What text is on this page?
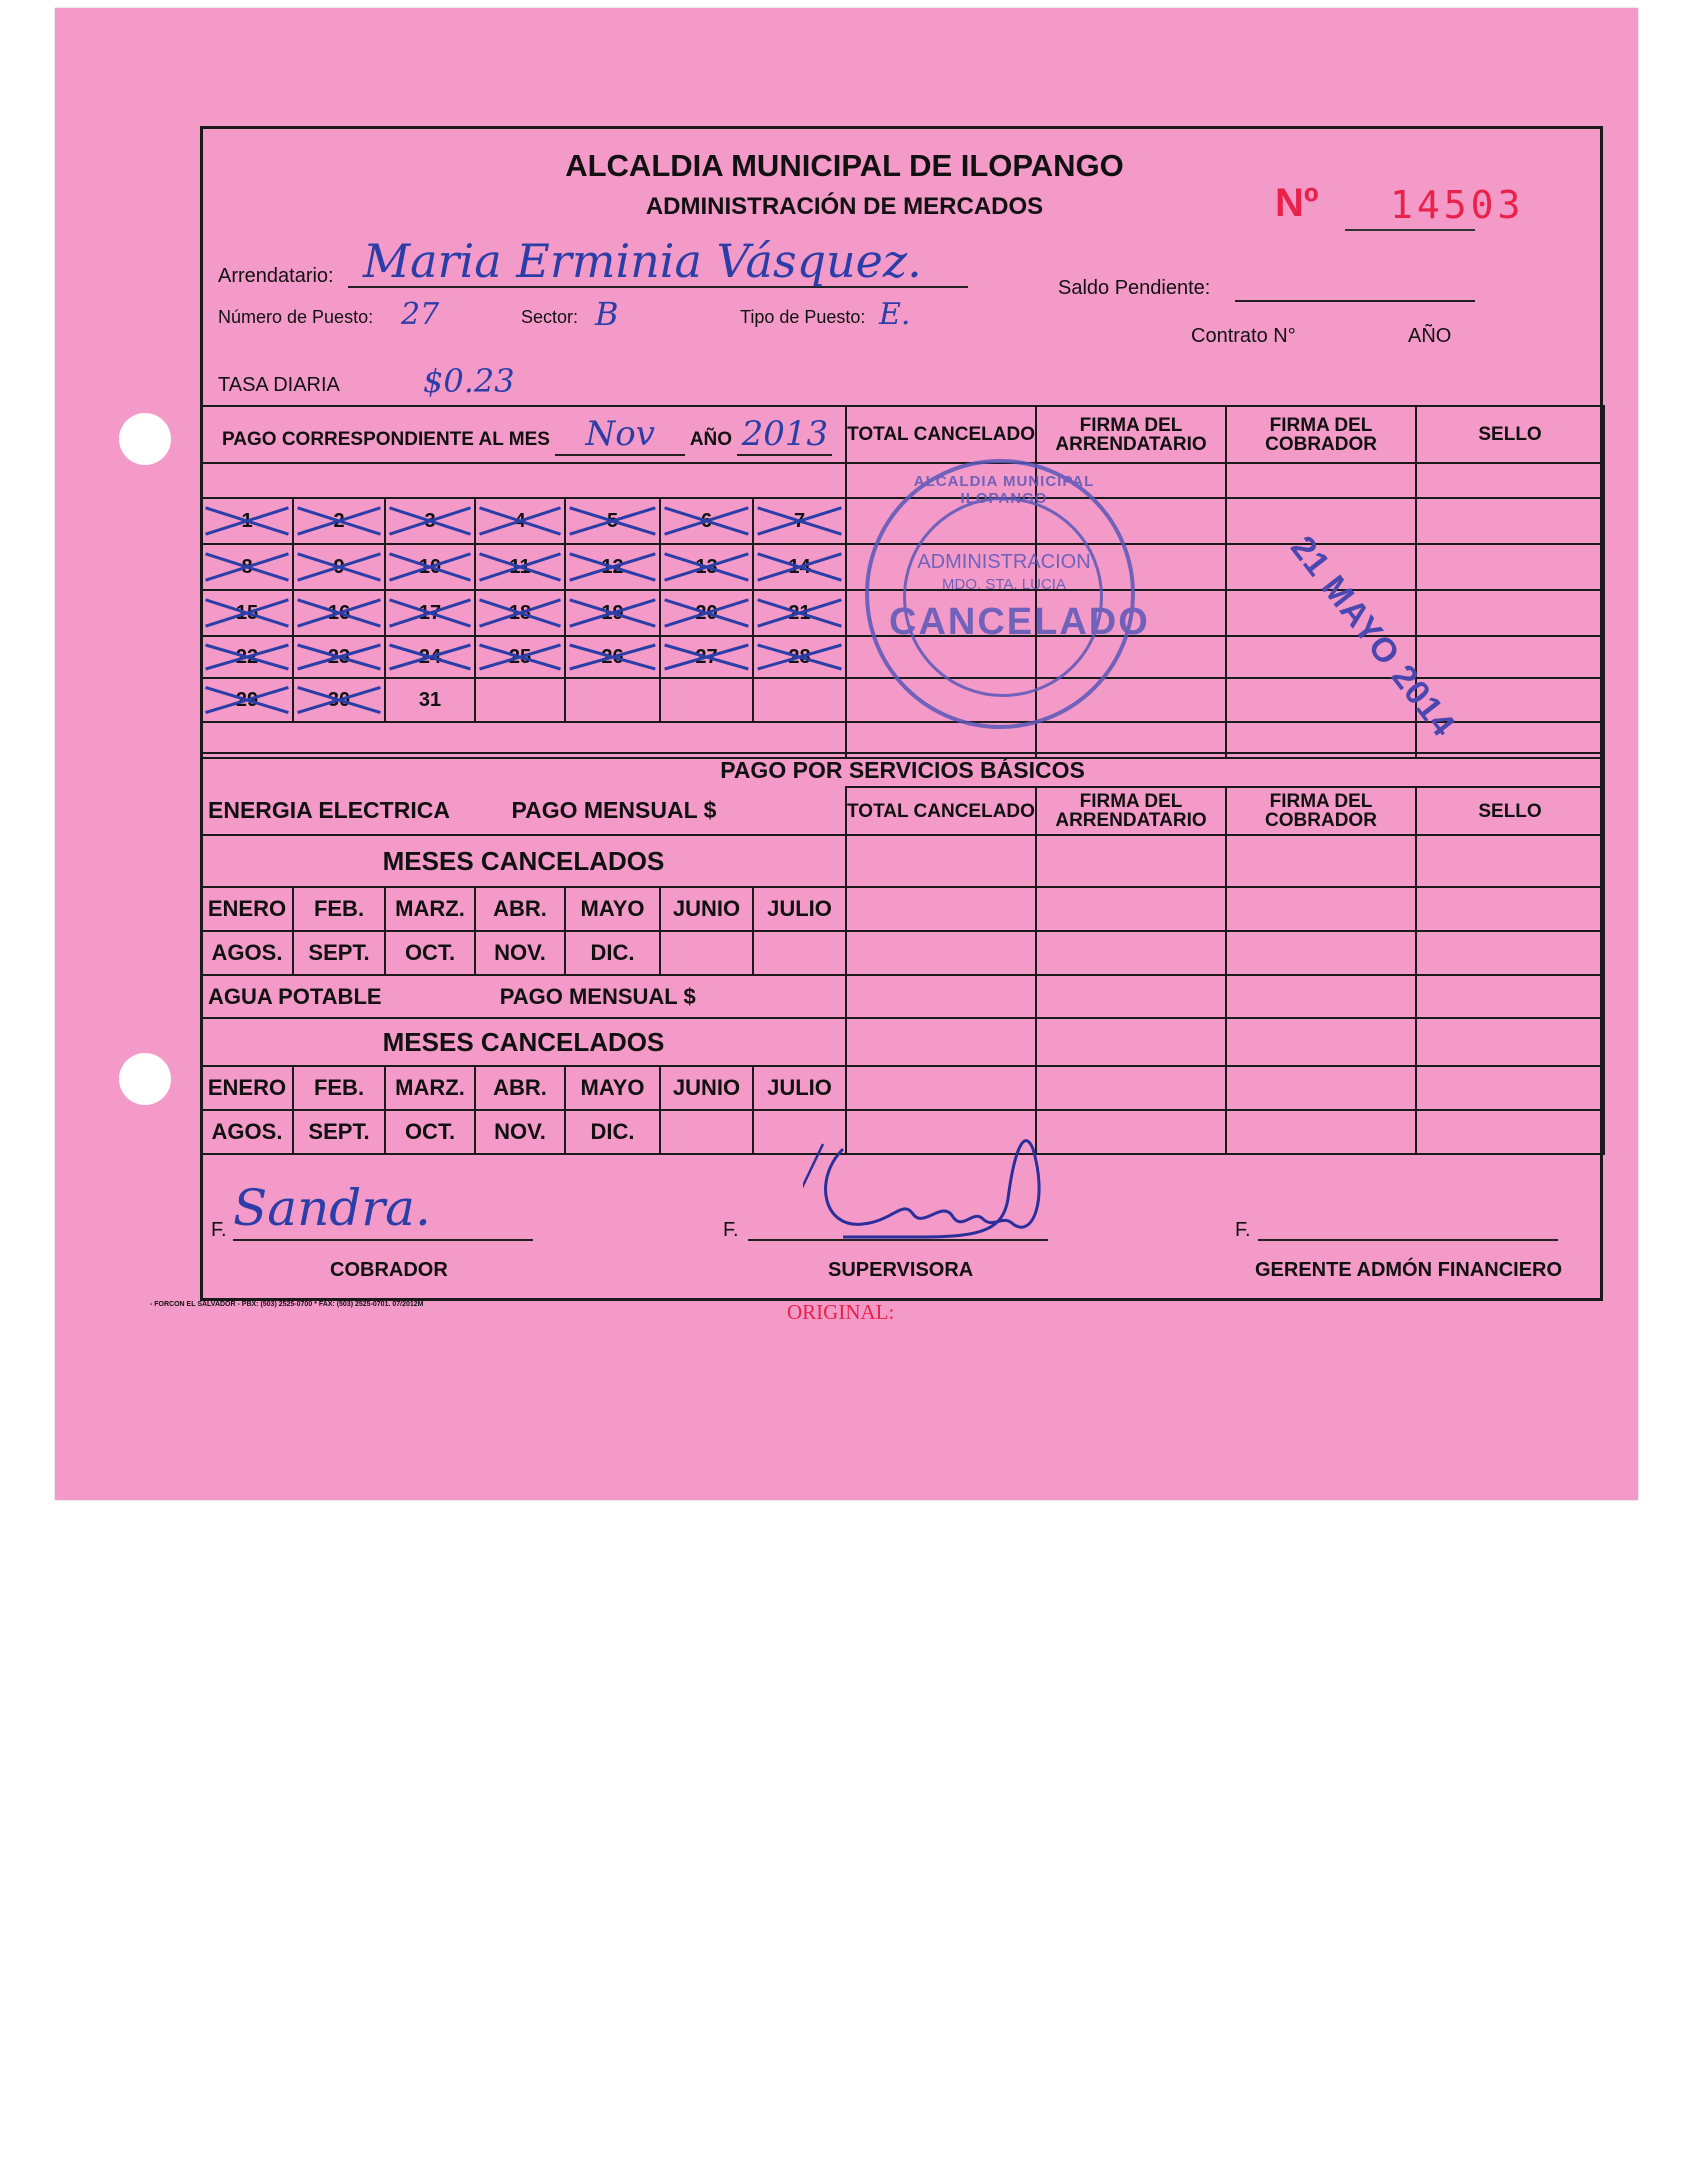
ALCALDIA MUNICIPAL DE ILOPANGO
ADMINISTRACIÓN DE MERCADOS	Nº 14503
Arrendatario: Maria Erminia Vásquez.	Saldo Pendiente:
Número de Puesto: 27	Sector: B	Tipo de Puesto: E.
Contrato N°	AÑO
TASA DIARIA	$0.23
PAGO CORRESPONDIENTE AL MES Nov AÑO 2013							TOTAL CANCELADO	FIRMA DEL ARRENDATARIO	FIRMA DEL COBRADOR	SELLO

1	2	3	4	5	6	7

8	9	10	11	12	13	14

15	16	17	18	19	20	21

22	23	24	25	26	27	28

29	30	31								

PAGO POR SERVICIOS BÁSICOS										
ENERGIA ELECTRICA PAGO MENSUAL $							TOTAL CANCELADO	FIRMA DEL ARRENDATARIO	FIRMA DEL COBRADOR	SELLO
MESES CANCELADOS										
ENERO	FEB.	MARZ.	ABR.	MAYO	JUNIO	JULIO				
AGOS.	SEPT.	OCT.	NOV.	DIC.						
AGUA POTABLE PAGO MENSUAL $										
MESES CANCELADOS										
ENERO	FEB.	MARZ.	ABR.	MAYO	JUNIO	JULIO				
AGOS.	SEPT.	OCT.	NOV.	DIC.						
ALCALDIA MUNICIPAL ILOPANGO
ADMINISTRACION
MDO. STA. LUCIA
CANCELADO	21 MAYO 2014
F. Sandra.
COBRADOR
F.
SUPERVISORA
F.
GERENTE ADMÓN FINANCIERO
- FORCON EL SALVADOR - PBX: (503) 2525-0700 * FAX: (503) 2525-0701. 07/2012M	ORIGINAL:
